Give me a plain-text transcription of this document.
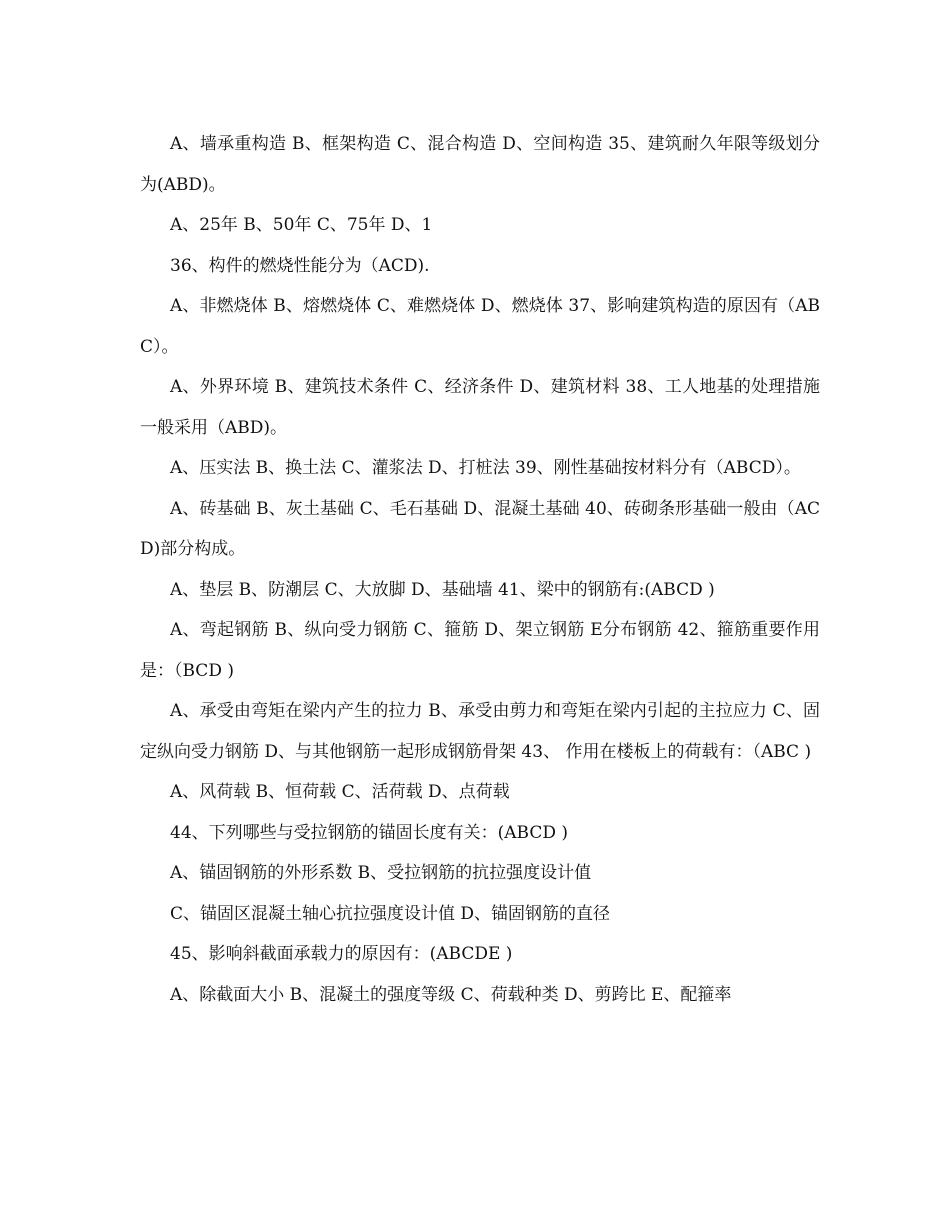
A、墙承重构造 B、框架构造 C、混合构造 D、空间构造 35、建筑耐久年限等级划分为(ABD)。

A、25年 B、50年 C、75年 D、1

36、构件的燃烧性能分为（ACD).

A、非燃烧体 B、熔燃烧体 C、难燃烧体 D、燃烧体 37、影响建筑构造的原因有（ABC）。

A、外界环境 B、建筑技术条件 C、经济条件 D、建筑材料 38、工人地基的处理措施一般采用（ABD)。

A、压实法 B、换土法 C、灌浆法 D、打桩法 39、刚性基础按材料分有（ABCD）。

A、砖基础 B、灰土基础 C、毛石基础 D、混凝土基础 40、砖砌条形基础一般由（ACD)部分构成。

A、垫层 B、防潮层 C、大放脚 D、基础墙 41、梁中的钢筋有:(ABCD )

A、弯起钢筋 B、纵向受力钢筋 C、箍筋 D、架立钢筋 E分布钢筋 42、箍筋重要作用是：（BCD )

A、承受由弯矩在梁内产生的拉力 B、承受由剪力和弯矩在梁内引起的主拉应力 C、固定纵向受力钢筋 D、与其他钢筋一起形成钢筋骨架 43、 作用在楼板上的荷载有：（ABC )

A、风荷载 B、恒荷载 C、活荷载 D、点荷载

44、下列哪些与受拉钢筋的锚固长度有关：(ABCD )

A、锚固钢筋的外形系数 B、受拉钢筋的抗拉强度设计值

C、锚固区混凝土轴心抗拉强度设计值 D、锚固钢筋的直径

45、影响斜截面承载力的原因有：(ABCDE )

A、除截面大小 B、混凝土的强度等级 C、荷载种类 D、剪跨比 E、配箍率
